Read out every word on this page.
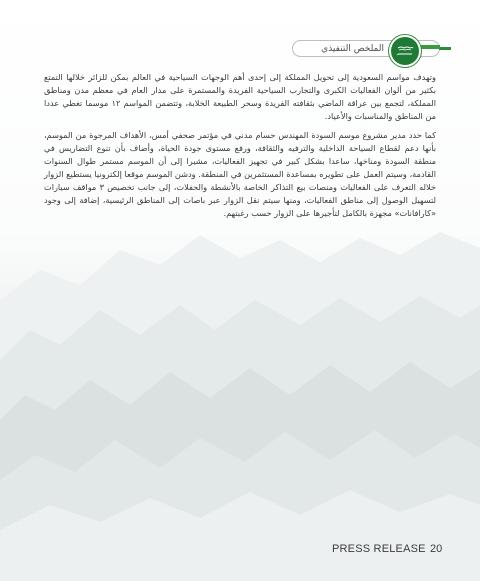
الملخص التنفيذي

وتهدف مواسم السعودية إلى تحويل المملكة إلى إحدى أهم الوجهات السياحية في العالم بمكن للزائر خلالها التمتع بكثير من ألوان الفعاليات الكبرى والتجارب السياحية الفريدة والمستمرة على مدار العام في معظم مدن ومناطق المملكة، لتجمع بين عراقة الماضي بثقافته الفريدة وسحر الطبيعة الخلابة، وتتضمن المواسم ١٢ موسما تغطي عددا من المناطق والمناسبات والأعياد.

كما حدد مدير مشروع موسم السودة المهندس حسام مدني في مؤتمر صحفي أمس، الأهداف المرجوة من الموسم، بأنها دعم لقطاع السياحة الداخلية والترفيه والثقافة، ورفع مستوى جودة الحياة، وأضاف بأن تنوع التضاريس في منطقة السودة ومناخها، ساعدا بشكل كبير في تجهيز الفعاليات، مشيرا إلى أن الموسم مستمر طوال السنوات القادمة، وسيتم العمل على تطويره بمساعدة المستثمرين في المنطقة. ودشن الموسم موقعا إلكترونيا يستطيع الزوار خلاله التعرف على الفعاليات ومنصات بيع التذاكر الخاصة بالأنشطة والحفلات، إلى جانب تخصيص ٣ مواقف سيارات لتسهيل الوصول إلى مناطق الفعاليات، ومنها سيتم نقل الزوار عبر باصات إلى المناطق الرئيسية، إضافة إلى وجود «كارافانات» مجهزة بالكامل لتأجيرها على الزوار حسب رغبتهم.

PRESS RELEASE 20
